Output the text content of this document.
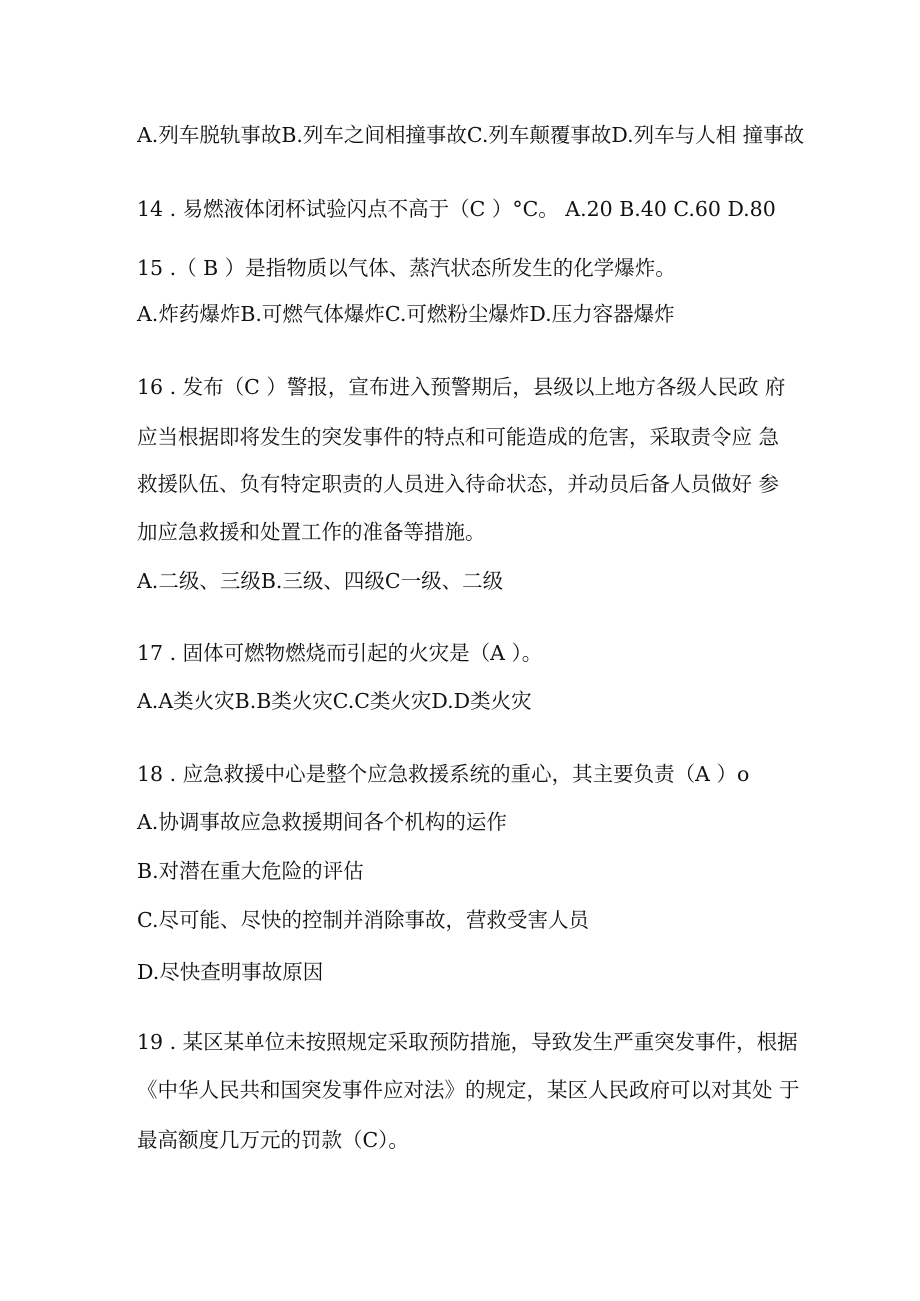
A.列车脱轨事故B.列车之间相撞事故C.列车颠覆事故D.列车与人相 撞事故

14 . 易燃液体闭杯试验闪点不高于（C ）°C。 A.20 B.40 C.60 D.80

15 .（ B ）是指物质以气体、蒸汽状态所发生的化学爆炸。

A.炸药爆炸B.可燃气体爆炸C.可燃粉尘爆炸D.压力容器爆炸

16 . 发布（C ）警报，宣布进入预警期后，县级以上地方各级人民政 府

应当根据即将发生的突发事件的特点和可能造成的危害，采取责令应 急

救援队伍、负有特定职责的人员进入待命状态，并动员后备人员做好 参

加应急救援和处置工作的准备等措施。

A.二级、三级B.三级、四级C一级、二级

17 . 固体可燃物燃烧而引起的火灾是（A ）。

A.A类火灾B.B类火灾C.C类火灾D.D类火灾

18 . 应急救援中心是整个应急救援系统的重心，其主要负责（A ）o

A.协调事故应急救援期间各个机构的运作

B.对潜在重大危险的评估

C.尽可能、尽快的控制并消除事故，营救受害人员

D.尽快查明事故原因

19 . 某区某单位未按照规定采取预防措施，导致发生严重突发事件，根据

《中华人民共和国突发事件应对法》的规定，某区人民政府可以对其处 于

最高额度几万元的罚款（C）。
